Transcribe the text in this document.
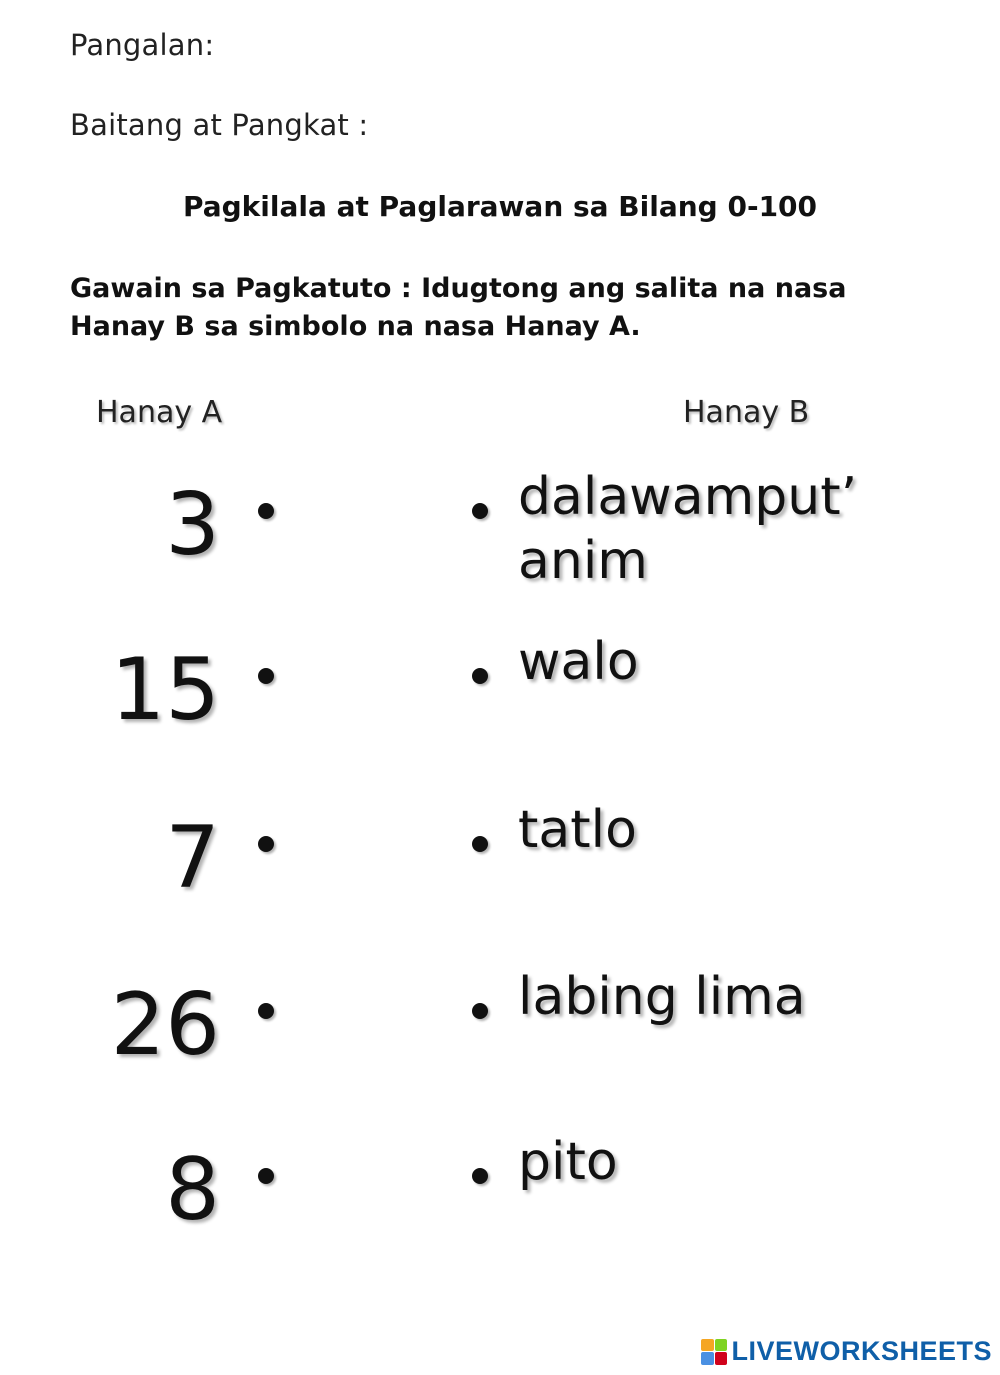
Pangalan:
Baitang at Pangkat :
Pagkilala at Paglarawan sa Bilang 0-100
Gawain sa Pagkatuto : Idugtong ang salita na nasa Hanay B sa simbolo na nasa Hanay A.
Hanay A	Hanay B
3	dalawamput’
anim
15	walo
7	tatlo
26	labing lima
8	pito
LIVEWORKSHEETS
